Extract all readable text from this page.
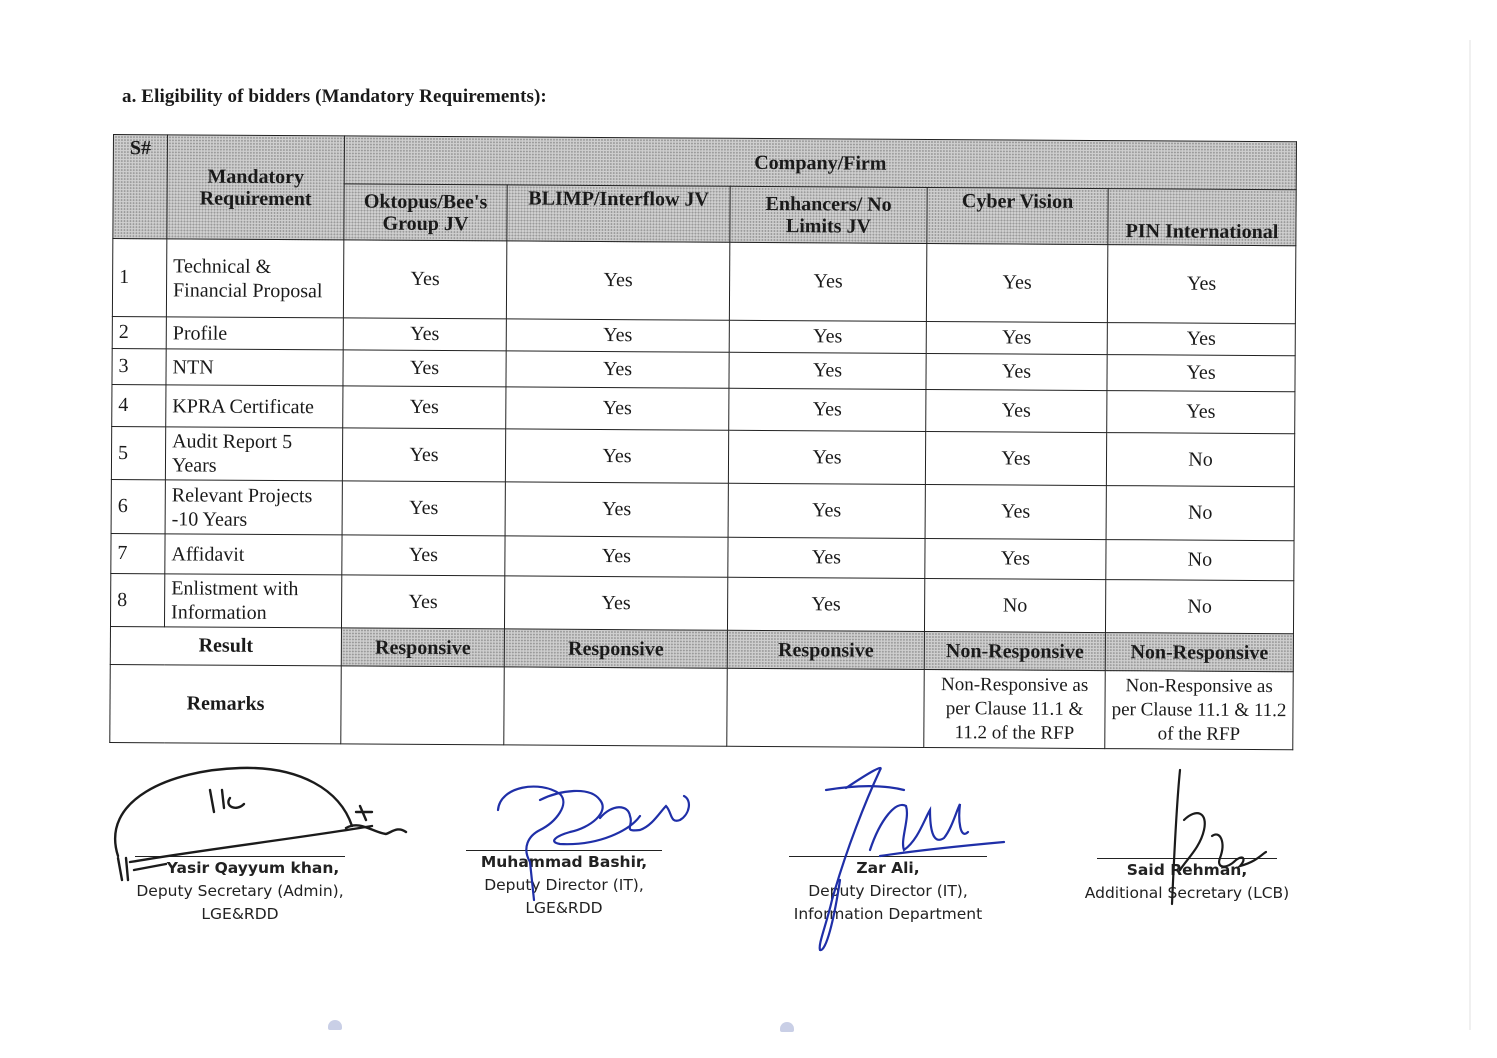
a. Eligibility of bidders (Mandatory Requirements):
S#	Mandatory Requirement	Company/Firm				
		Oktopus/Bee's Group JV	BLIMP/Interflow JV	Enhancers/ No Limits JV	Cyber Vision	PIN International
1	Technical & Financial Proposal	Yes	Yes	Yes	Yes	Yes
2	Profile	Yes	Yes	Yes	Yes	Yes
3	NTN	Yes	Yes	Yes	Yes	Yes
4	KPRA Certificate	Yes	Yes	Yes	Yes	Yes
5	Audit Report 5 Years	Yes	Yes	Yes	Yes	No
6	Relevant Projects -10 Years	Yes	Yes	Yes	Yes	No
7	Affidavit	Yes	Yes	Yes	Yes	No
8	Enlistment with Information	Yes	Yes	Yes	No	No
Result		Responsive	Responsive	Responsive	Non-Responsive	Non-Responsive
Remarks					Non-Responsive as per Clause 11.1 & 11.2 of the RFP	Non-Responsive as per Clause 11.1 & 11.2 of the RFP
Yasir Qayyum khan,
Deputy Secretary (Admin),
LGE&RDD
Muhammad Bashir,
Deputy Director (IT),
LGE&RDD
Zar Ali,
Deputy Director (IT),
Information Department
Said Rehman,
Additional Secretary (LCB)
